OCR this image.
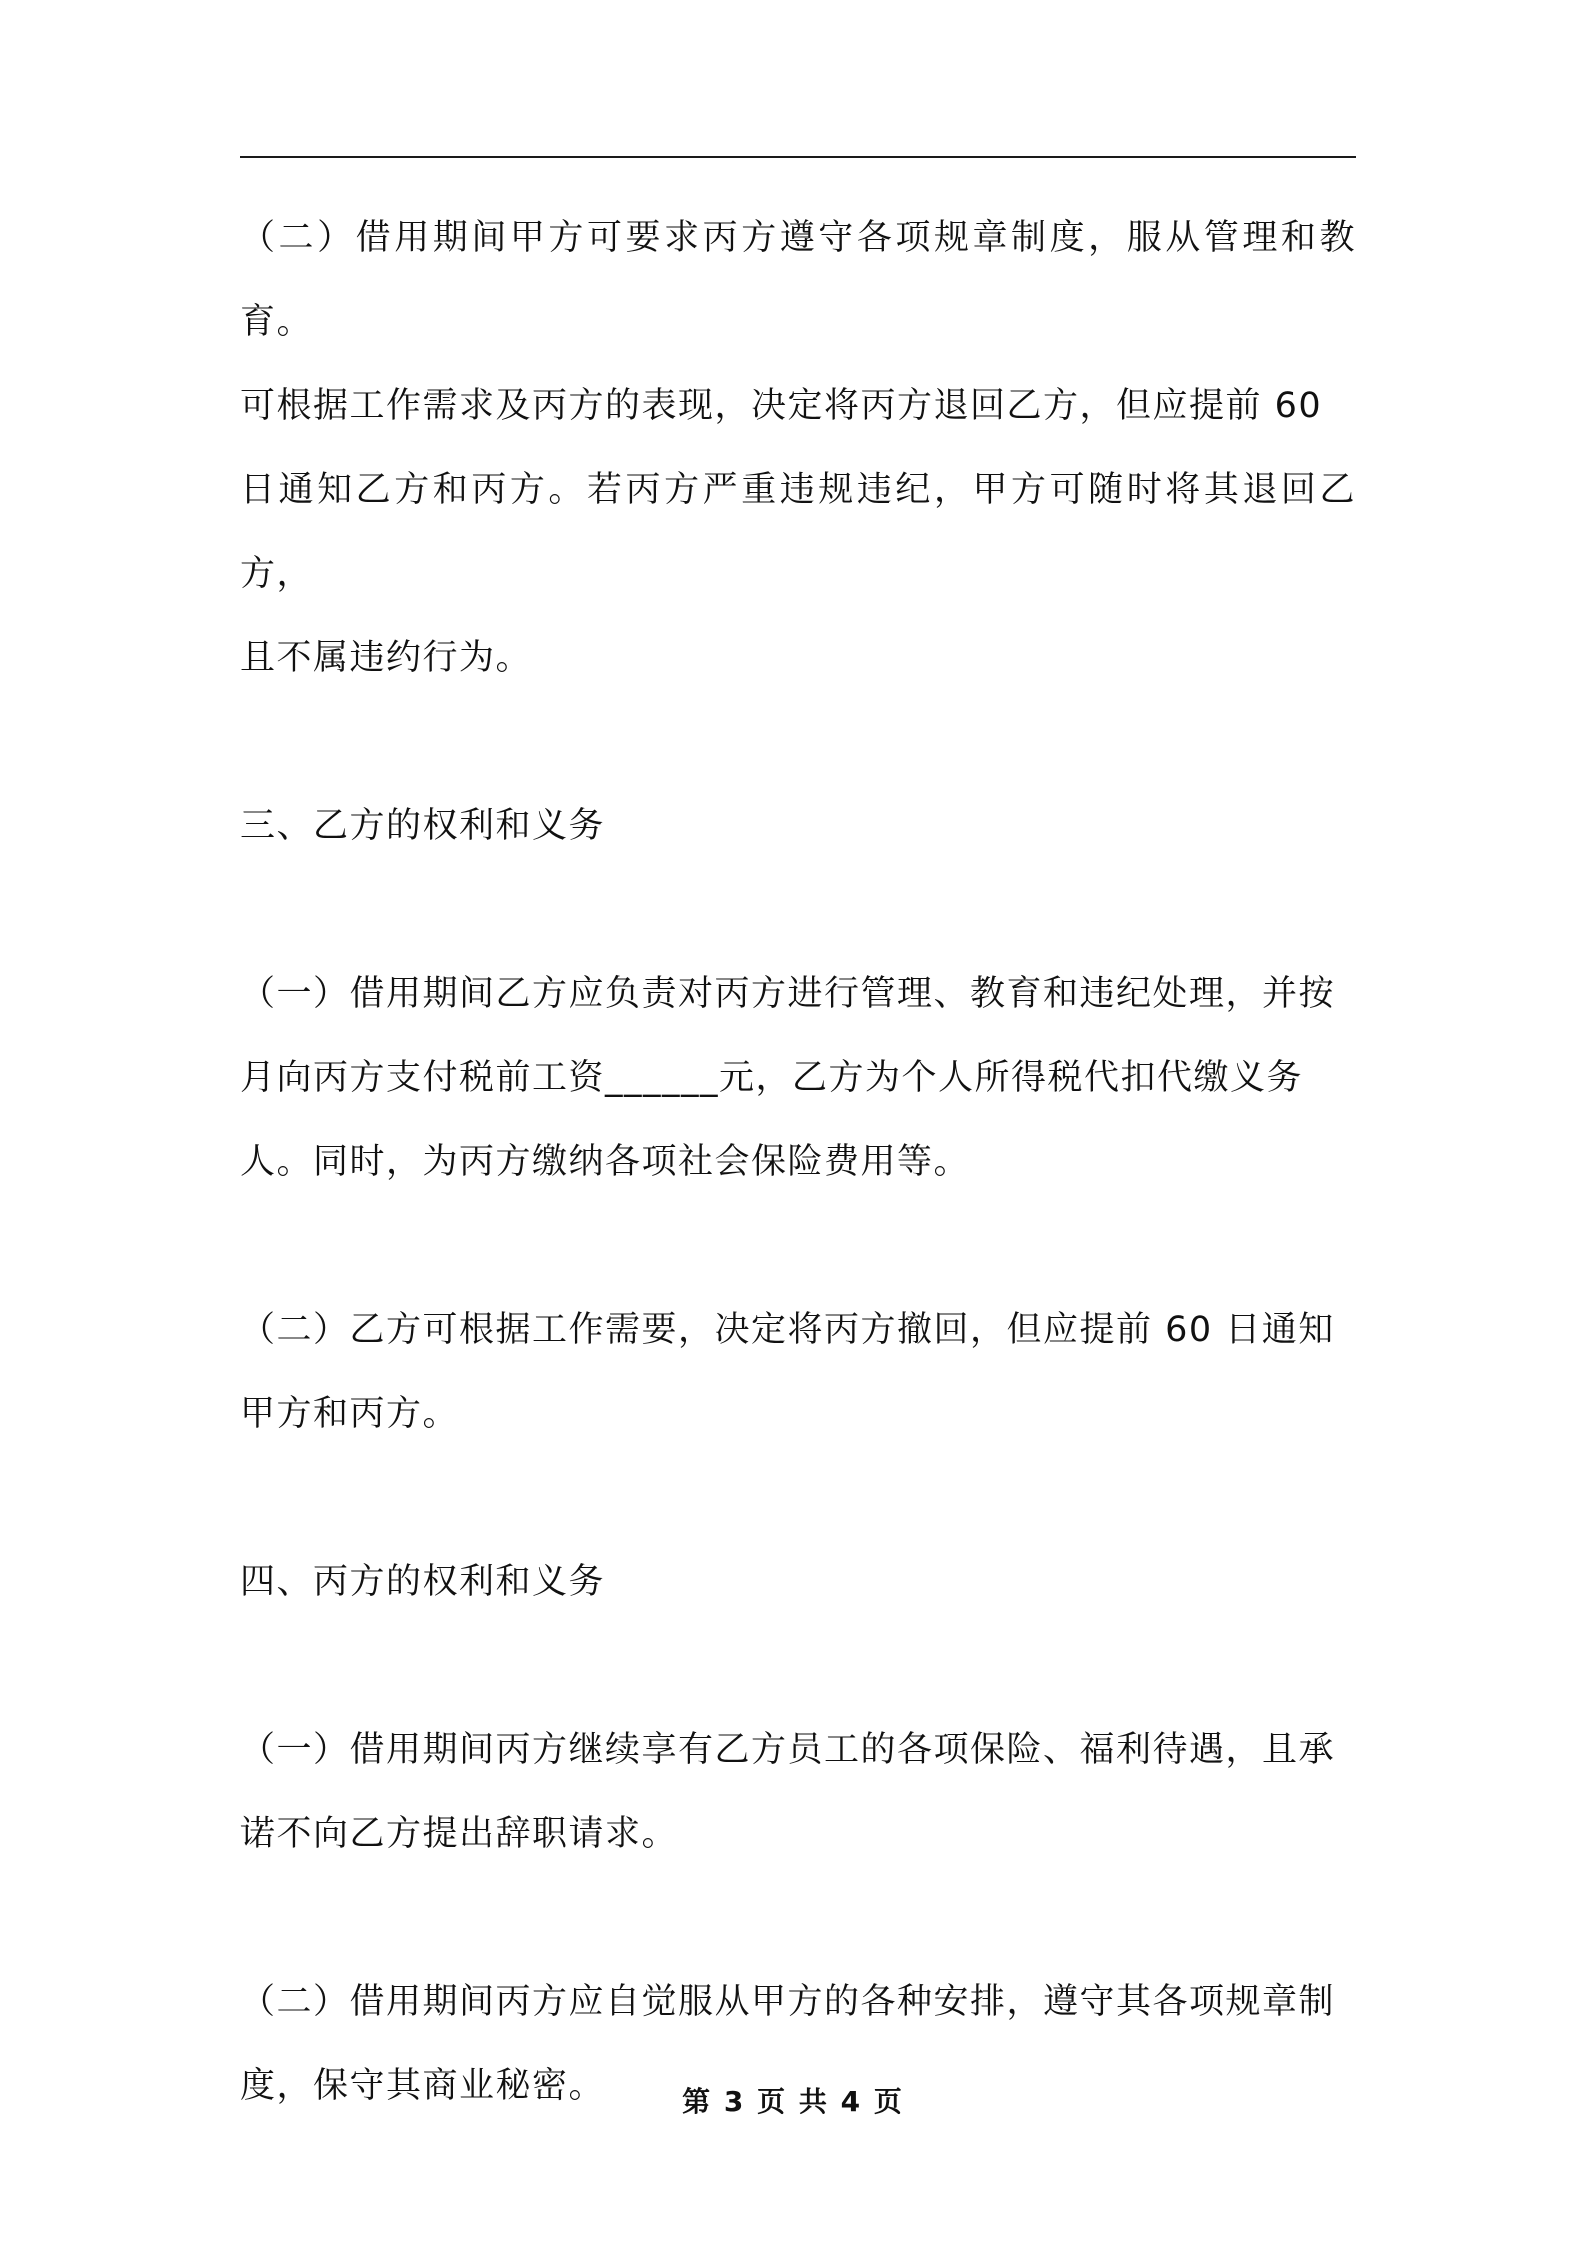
（二）借用期间甲方可要求丙方遵守各项规章制度，服从管理和教育。

可根据工作需求及丙方的表现，决定将丙方退回乙方，但应提前 60

日通知乙方和丙方。若丙方严重违规违纪，甲方可随时将其退回乙方，

且不属违约行为。

三、乙方的权利和义务

（一）借用期间乙方应负责对丙方进行管理、教育和违纪处理，并按

月向丙方支付税前工资______元，乙方为个人所得税代扣代缴义务

人。同时，为丙方缴纳各项社会保险费用等。

（二）乙方可根据工作需要，决定将丙方撤回，但应提前 60 日通知

甲方和丙方。

四、丙方的权利和义务

（一）借用期间丙方继续享有乙方员工的各项保险、福利待遇，且承

诺不向乙方提出辞职请求。

（二）借用期间丙方应自觉服从甲方的各种安排，遵守其各项规章制

度，保守其商业秘密。	第 3 页 共 4 页
